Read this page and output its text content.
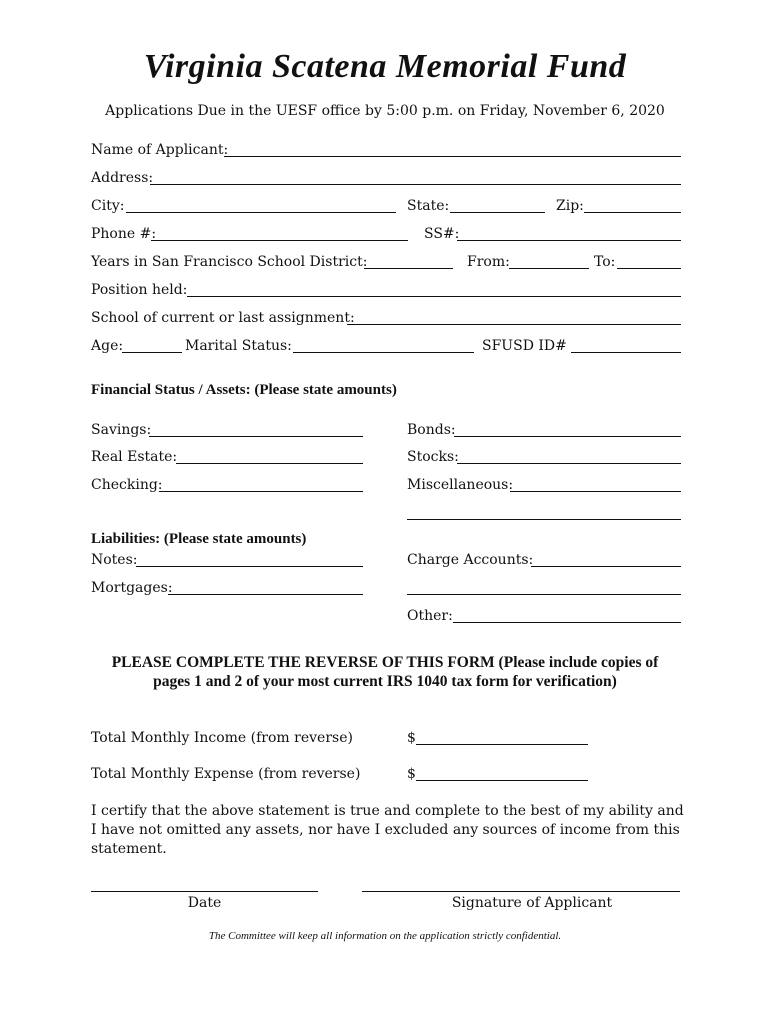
Virginia Scatena Memorial Fund
Applications Due in the UESF office by 5:00 p.m. on Friday, November 6, 2020
Name of Applicant:
Address:
City:	State:	Zip:
Phone #:	SS#:
Years in San Francisco School District:	From:	To:
Position held:
School of current or last assignment:
Age:	Marital Status:	SFUSD ID#
Financial Status / Assets: (Please state amounts)
Savings:	Bonds:
Real Estate:	Stocks:
Checking:	Miscellaneous:
Liabilities: (Please state amounts)
Notes:	Charge Accounts:
Mortgages:
Other:
PLEASE COMPLETE THE REVERSE OF THIS FORM (Please include copies of
pages 1 and 2 of your most current IRS 1040 tax form for verification)
Total Monthly Income (from reverse)	$
Total Monthly Expense (from reverse)	$
I certify that the above statement is true and complete to the best of my ability and I have not omitted any assets, nor have I excluded any sources of income from this statement.
Date	Signature of Applicant
The Committee will keep all information on the application strictly confidential.
